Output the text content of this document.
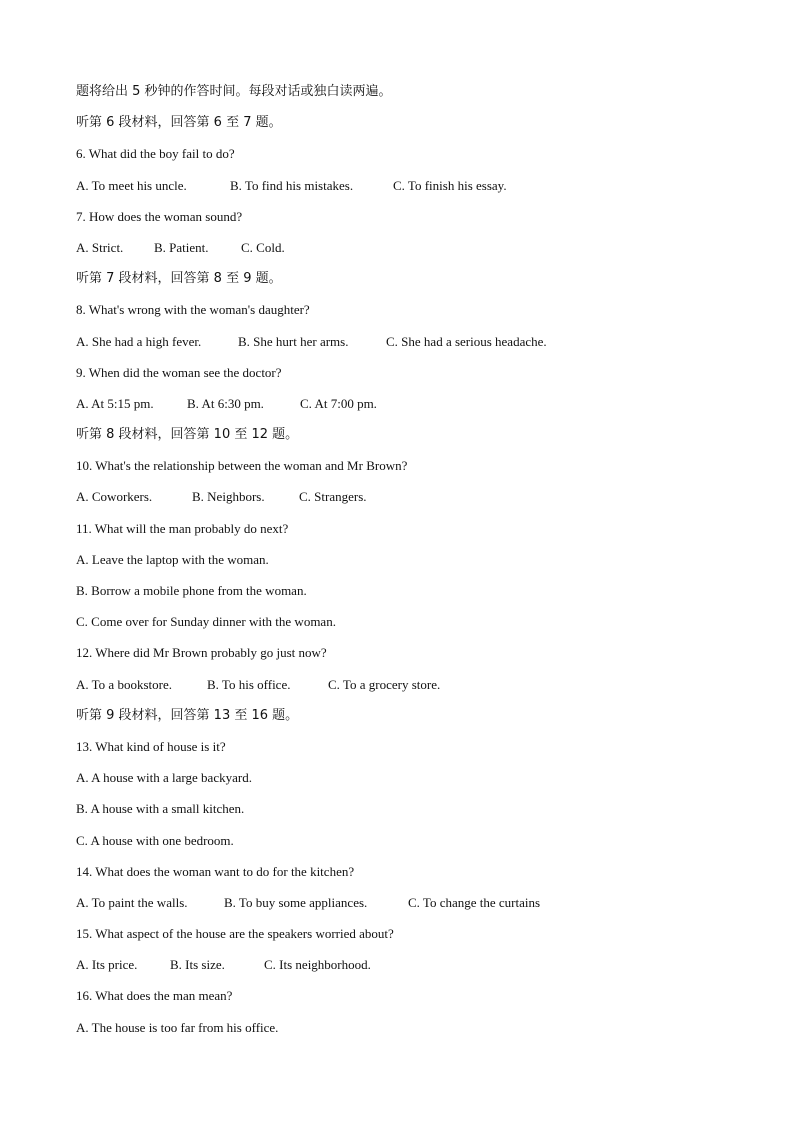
题将给出 5 秒钟的作答时间。每段对话或独白读两遍。
听第 6 段材料，回答第 6 至 7 题。
6. What did the boy fail to do?
A. To meet his uncle.	B. To find his mistakes.	C. To finish his essay.
7. How does the woman sound?
A. Strict.	B. Patient.	C. Cold.
听第 7 段材料，回答第 8 至 9 题。
8. What's wrong with the woman's daughter?
A. She had a high fever.	B. She hurt her arms.	C. She had a serious headache.
9. When did the woman see the doctor?
A. At 5:15 pm.	B. At 6:30 pm.	C. At 7:00 pm.
听第 8 段材料，回答第 10 至 12 题。
10. What's the relationship between the woman and Mr Brown?
A. Coworkers.	B. Neighbors.	C. Strangers.
11. What will the man probably do next?
A. Leave the laptop with the woman.
B. Borrow a mobile phone from the woman.
C. Come over for Sunday dinner with the woman.
12. Where did Mr Brown probably go just now?
A. To a bookstore.	B. To his office.	C. To a grocery store.
听第 9 段材料，回答第 13 至 16 题。
13. What kind of house is it?
A. A house with a large backyard.
B. A house with a small kitchen.
C. A house with one bedroom.
14. What does the woman want to do for the kitchen?
A. To paint the walls.	B. To buy some appliances.	C. To change the curtains
15. What aspect of the house are the speakers worried about?
A. Its price.	B. Its size.	C. Its neighborhood.
16. What does the man mean?
A. The house is too far from his office.
